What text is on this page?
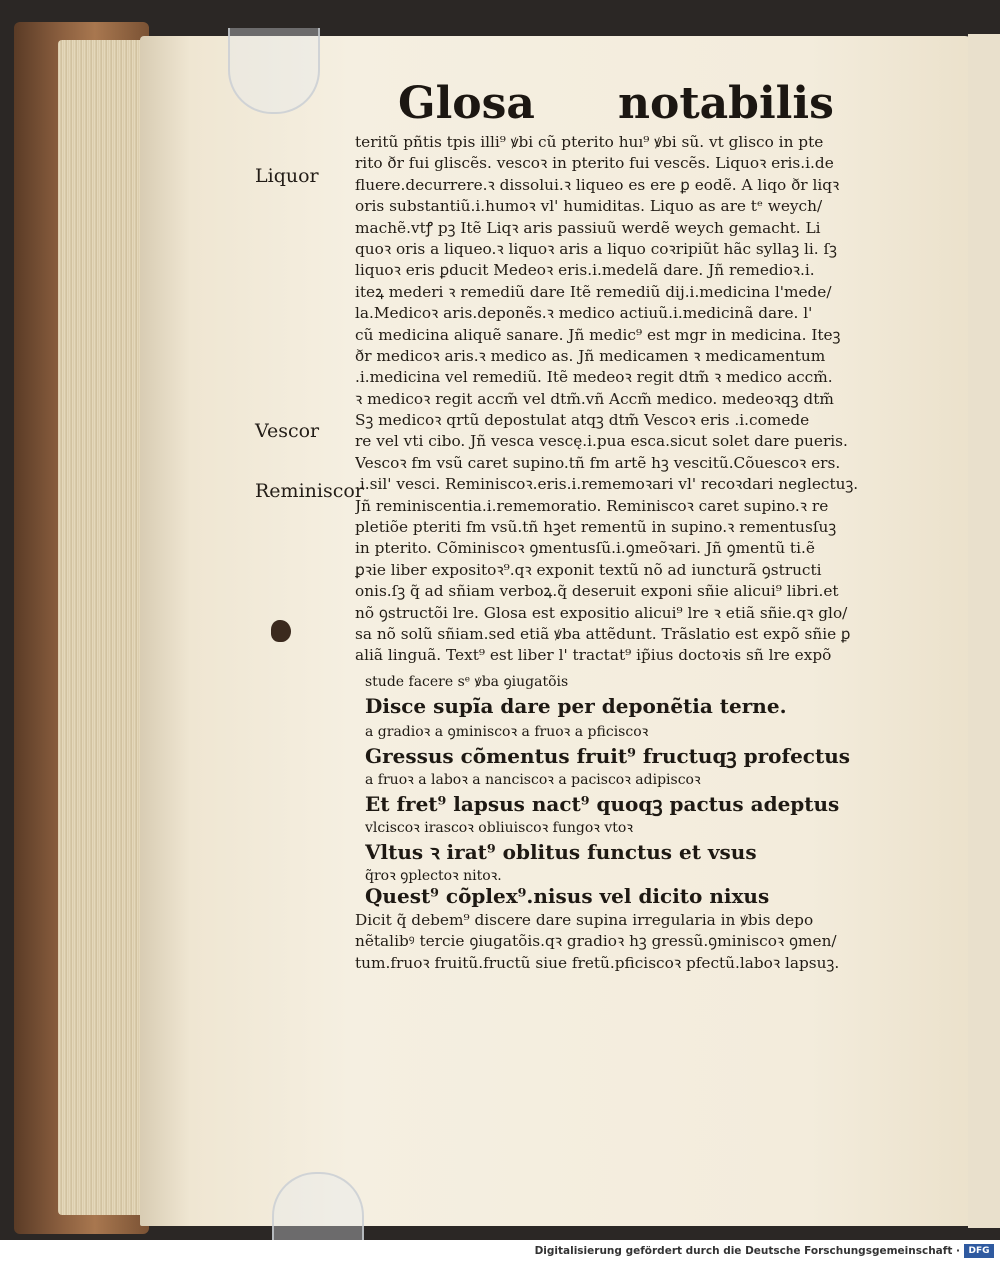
Glosa notabilis
Liquor
Vescor
Reminiscor
teritũ pñtis tpis illi⁹ ꝟbi cũ pterito huı⁹ ꝟbi sũ. vt glisco in pte
rito ðr fui gliscẽs. vescoꝛ in pterito fui vescẽs. Liquoꝛ eris.i.de
fluere.decurrere.ꝛ dissolui.ꝛ liqueo es ere ꝑ eodẽ. A liqo ðr liqꝛ
oris substantiũ.i.humoꝛ vl' humiditas. Liquo as are tᵉ weych/
machẽ.vtꝭ pꝫ Itẽ Liqꝛ aris passiuũ werdẽ weych gemacht. Li
quoꝛ oris a liqueo.ꝛ liquoꝛ aris a liquo coꝛripiũt hãc syllaꝫ li. ſꝫ
liquoꝛ eris ꝑducit Medeoꝛ eris.i.medelã dare. Jñ remedioꝛ.i.
iteꝝ mederi ꝛ remediũ dare Itẽ remediũ dij.i.medicina l'mede/
la.Medicoꝛ aris.deponẽs.ꝛ medico actiuũ.i.medicinã dare. l'
cũ medicina aliquẽ sanare. Jñ medic⁹ est mgr in medicina. Iteꝫ
ðr medicoꝛ aris.ꝛ medico as. Jñ medicamen ꝛ medicamentum
.i.medicina vel remediũ. Itẽ medeoꝛ regit dtm̃ ꝛ medico accm̃.
ꝛ medicoꝛ regit accm̃ vel dtm̃.vñ Accm̃ medico. medeoꝛqꝫ dtm̃
Sꝫ medicoꝛ qrtũ depostulat atqꝫ dtm̃ Vescoꝛ eris .i.comede
re vel vti cibo. Jñ vesca vescę.i.pua esca.sicut solet dare pueris.
Vescoꝛ fm vsũ caret supino.tñ fm artẽ hꝫ vescitũ.Cõuescoꝛ ers.
.i.sil' vesci. Reminiscoꝛ.eris.i.rememoꝛari vl' recoꝛdari neglectuꝫ.
Jñ reminiscentia.i.rememoratio. Reminiscoꝛ caret supino.ꝛ re
pletiõe pteriti fm vsũ.tñ hꝫet rementũ in supino.ꝛ rementusſuꝫ
in pterito. Cõminiscoꝛ ꝯmentusſũ.i.ꝯmeõꝛari. Jñ ꝯmentũ ti.ẽ
ꝑꝛie liber expositoꝛ⁹.qꝛ exponit textũ nõ ad iuncturã ꝯstructi
onis.ſꝫ q̃ ad sñiam verboꝝ.q̃ deseruit exponi sñie alicui⁹ libri.et
nõ ꝯstructõi lre. Glosa est expositio alicui⁹ lre ꝛ etiã sñie.qꝛ glo/
sa nõ solũ sñiam.sed etiã ꝟba attẽdunt. Trãslatio est expõ sñie ꝑ
aliã linguã. Text⁹ est liber l' tractat⁹ ip̃ius doctoꝛis sñ lre expõ
stude facere sᵉ ꝟba ꝯiugatõis
Disce supĩa dare per deponẽtia terne.
a gradioꝛ a ꝯminiscoꝛ a fruoꝛ a pficiscoꝛ
Gressus cõmentus fruit⁹ fructuqꝫ profectus
a fruoꝛ a laboꝛ a nanciscoꝛ a paciscoꝛ adipiscoꝛ
Et fret⁹ lapsus nact⁹ quoqꝫ pactus adeptus
vlciscoꝛ irascoꝛ obliuiscoꝛ fungoꝛ vtoꝛ
Vltus ꝛ irat⁹ oblitus functus et vsus
q̃roꝛ ꝯplectoꝛ nitoꝛ.
Quest⁹ cõplex⁹.nisus vel dicito nixus
Dicit q̃ debem⁹ discere dare supina irregularia in ꝟbis depo
nẽtalibꝰ tercie ꝯiugatõis.qꝛ gradioꝛ hꝫ gressũ.ꝯminiscoꝛ ꝯmen/
tum.fruoꝛ fruitũ.fructũ siue fretũ.pficiscoꝛ pfectũ.laboꝛ lapsuꝫ.
Digitalisierung gefördert durch die Deutsche Forschungsgemeinschaft · DFG
